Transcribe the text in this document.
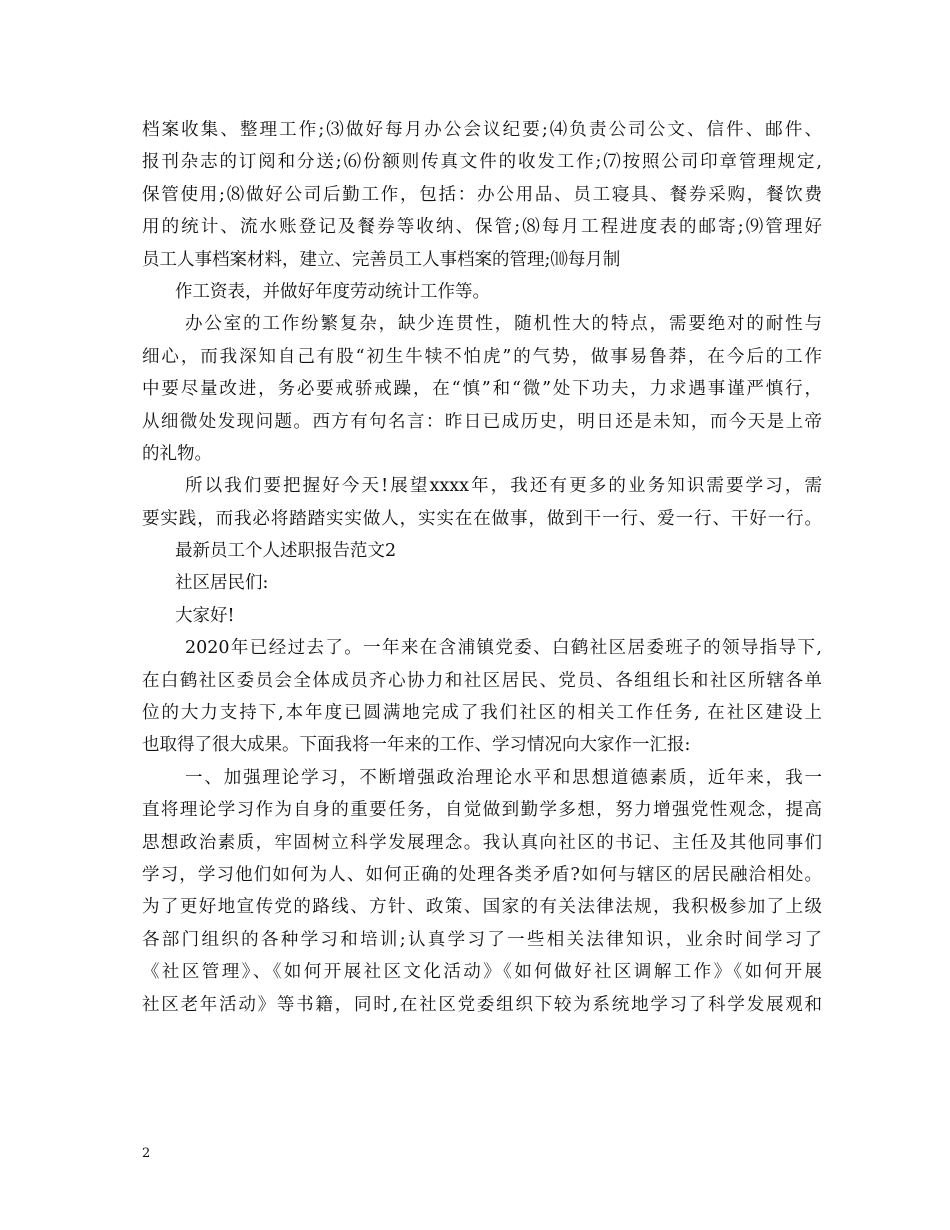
档案收集、整理工作;⑶做好每月办公会议纪要;⑷负责公司公文、信件、邮件、
报刊杂志的订阅和分送;⑹份额则传真文件的收发工作;⑺按照公司印章管理规定,
保管使用;⑻做好公司后勤工作，包括：办公用品、员工寝具、餐券采购，餐饮费
用的统计、流水账登记及餐券等收纳、保管;⑻每月工程进度表的邮寄;⑼管理好
员工人事档案材料，建立、完善员工人事档案的管理;⑽每月制
作工资表，并做好年度劳动统计工作等。
办公室的工作纷繁复杂，缺少连贯性，随机性大的特点，需要绝对的耐性与
细心，而我深知自己有股“初生牛犊不怕虎”的气势，做事易鲁莽，在今后的工作
中要尽量改进，务必要戒骄戒躁，在“慎”和“微”处下功夫，力求遇事谨严慎行，
从细微处发现问题。西方有句名言：昨日已成历史，明日还是未知，而今天是上帝
的礼物。
所以我们要把握好今天!展望xxxx年，我还有更多的业务知识需要学习，需
要实践，而我必将踏踏实实做人，实实在在做事，做到干一行、爱一行、干好一行。
最新员工个人述职报告范文2
社区居民们:
大家好!
2020年已经过去了。一年来在含浦镇党委、白鹤社区居委班子的领导指导下,
在白鹤社区委员会全体成员齐心协力和社区居民、党员、各组组长和社区所辖各单
位的大力支持下,本年度已圆满地完成了我们社区的相关工作任务, 在社区建设上
也取得了很大成果。下面我将一年来的工作、学习情况向大家作一汇报:
一、加强理论学习，不断增强政治理论水平和思想道德素质，近年来，我一
直将理论学习作为自身的重要任务，自觉做到勤学多想，努力增强党性观念，提高
思想政治素质，牢固树立科学发展理念。我认真向社区的书记、主任及其他同事们
学习，学习他们如何为人、如何正确的处理各类矛盾?如何与辖区的居民融洽相处。
为了更好地宣传党的路线、方针、政策、国家的有关法律法规，我积极参加了上级
各部门组织的各种学习和培训;认真学习了一些相关法律知识，业余时间学习了
《社区管理》、《如何开展社区文化活动》《如何做好社区调解工作》《如何开展
社区老年活动》等书籍，同时,在社区党委组织下较为系统地学习了科学发展观和
2
